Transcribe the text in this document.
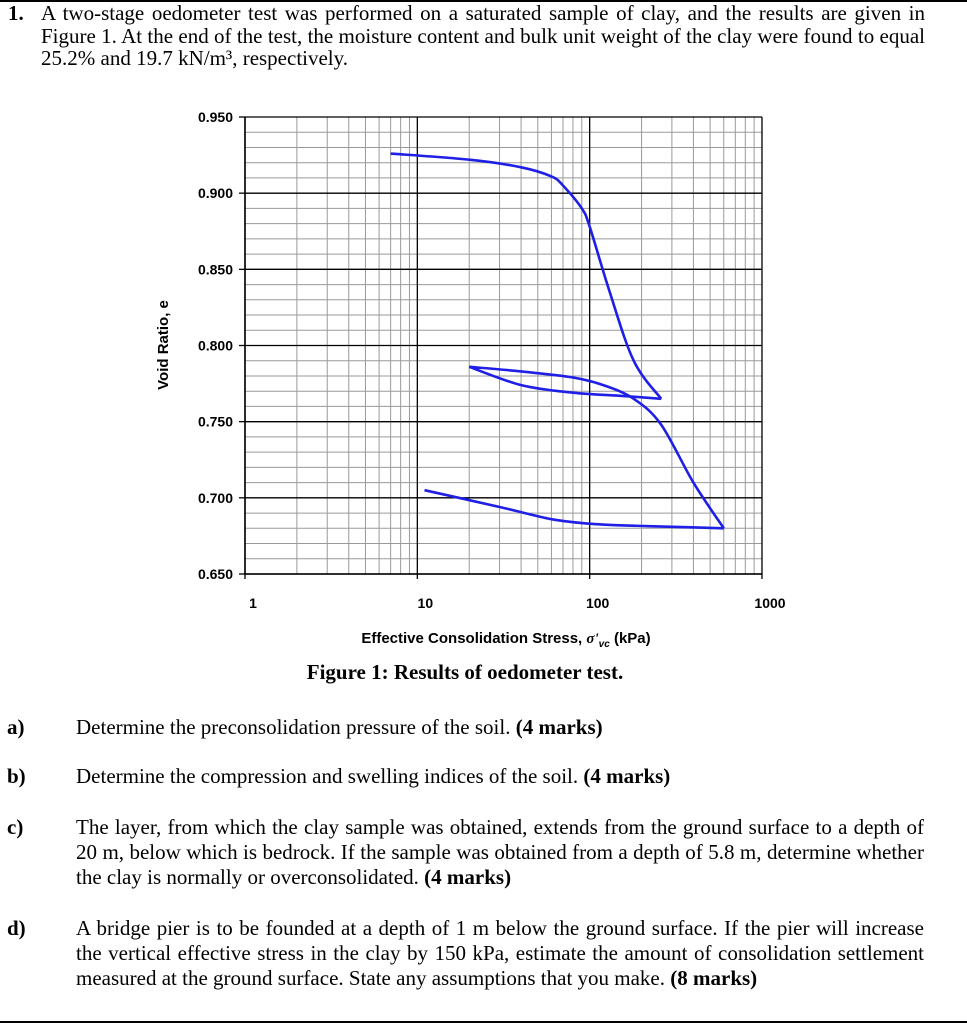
1. A two-stage oedometer test was performed on a saturated sample of clay, and the results are given in Figure 1. At the end of the test, the moisture content and bulk unit weight of the clay were found to equal 25.2% and 19.7 kN/m³, respectively.
0.950
0.900
0.850
0.800
0.750
0.700
0.650
1	10	100	1000
Void Ratio, e
Effective Consolidation Stress, $\sigma'_{vc}$ (kPa)
Figure 1: Results of oedometer test.
a) Determine the preconsolidation pressure of the soil. (4 marks)
b) Determine the compression and swelling indices of the soil. (4 marks)
c)	The layer, from which the clay sample was obtained, extends from the ground surface to a depth of 20 m, below which is bedrock. If the sample was obtained from a depth of 5.8 m, determine whether the clay is normally or overconsolidated. (4 marks)
d) A bridge pier is to be founded at a depth of 1 m below the ground surface. If the pier will increase the vertical effective stress in the clay by 150 kPa, estimate the amount of consolidation settlement measured at the ground surface. State any assumptions that you make. (8 marks)
